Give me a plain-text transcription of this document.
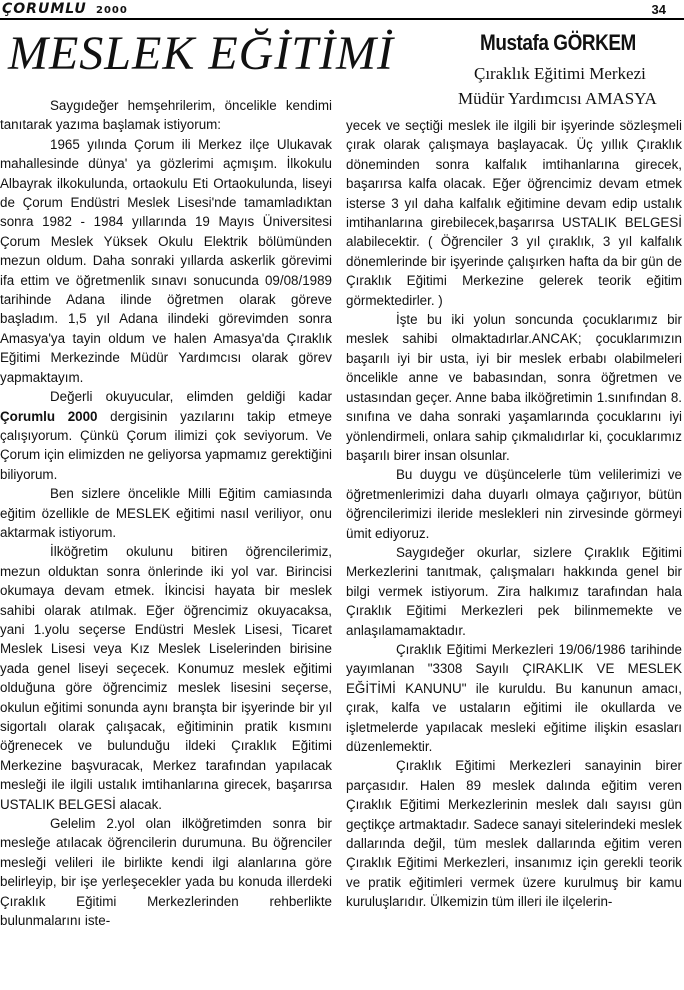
ÇORUMLU 2000	34
MESLEK EĞİTİMİ	Mustafa GÖRKEM
Çıraklık Eğitimi Merkezi
Müdür Yardımcısı AMASYA

Saygıdeğer hemşehrilerim, öncelikle kendimi tanıtarak yazıma başlamak istiyorum:

1965 yılında Çorum ili Merkez ilçe Ulukavak mahallesinde dünya' ya gözlerimi açmışım. İlkokulu Albayrak ilkokulunda, ortaokulu Eti Ortaokulunda, liseyi de Çorum Endüstri Meslek Lisesi'nde tamamladıktan sonra 1982 - 1984 yıllarında 19 Mayıs Üniversitesi Çorum Meslek Yüksek Okulu Elektrik bölümünden mezun oldum. Daha sonraki yıllarda askerlik görevimi ifa ettim ve öğretmenlik sınavı sonucunda 09/08/1989 tarihinde Adana ilinde öğretmen olarak göreve başladım. 1,5 yıl Adana ilindeki görevimden sonra Amasya'ya tayin oldum ve halen Amasya'da Çıraklık Eğitimi Merkezinde Müdür Yardımcısı olarak görev yapmaktayım.

Değerli okuyucular, elimden geldiği kadar Çorumlu 2000 dergisinin yazılarını takip etmeye çalışıyorum. Çünkü Çorum ilimizi çok seviyorum. Ve Çorum için elimizden ne geliyorsa yapmamız gerektiğini biliyorum.

Ben sizlere öncelikle Milli Eğitim camiasında eğitim özellikle de MESLEK eğitimi nasıl veriliyor, onu aktarmak istiyorum.

İlköğretim okulunu bitiren öğrencilerimiz, mezun olduktan sonra önlerinde iki yol var. Birincisi okumaya devam etmek. İkincisi hayata bir meslek sahibi olarak atılmak. Eğer öğrencimiz okuyacaksa, yani 1.yolu seçerse Endüstri Meslek Lisesi, Ticaret Meslek Lisesi veya Kız Meslek Liselerinden birisine yada genel liseyi seçecek. Konumuz meslek eğitimi olduğuna göre öğrencimiz meslek lisesini seçerse, okulun eğitimi sonunda aynı branşta bir işyerinde bir yıl sigortalı olarak çalışacak, eğitiminin pratik kısmını öğrenecek ve bulunduğu ildeki Çıraklık Eğitimi Merkezine başvuracak, Merkez tarafından yapılacak mesleği ile ilgili ustalık imtihanlarına girecek, başarırsa USTALIK BELGESİ alacak.

Gelelim 2.yol olan ilköğretimden sonra bir mesleğe atılacak öğrencilerin durumuna. Bu öğrenciler mesleği velileri ile birlikte kendi ilgi alanlarına göre belirleyip, bir işe yerleşecekler yada bu konuda illerdeki Çıraklık Eğitimi Merkezlerinden rehberlikte bulunmalarını iste-

yecek ve seçtiği meslek ile ilgili bir işyerinde sözleşmeli çırak olarak çalışmaya başlayacak. Üç yıllık Çıraklık döneminden sonra kalfalık imtihanlarına girecek, başarırsa kalfa olacak. Eğer öğrencimiz devam etmek isterse 3 yıl daha kalfalık eğitimine devam edip ustalık imtihanlarına girebilecek,başarırsa USTALIK BELGESİ alabilecektir. ( Öğrenciler 3 yıl çıraklık, 3 yıl kalfalık dönemlerinde bir işyerinde çalışırken hafta da bir gün de Çıraklık Eğitimi Merkezine gelerek teorik eğitim görmektedirler. )

İşte bu iki yolun soncunda çocuklarımız bir meslek sahibi olmaktadırlar.ANCAK; çocuklarımızın başarılı iyi bir usta, iyi bir meslek erbabı olabilmeleri öncelikle anne ve babasından, sonra öğretmen ve ustasından geçer. Anne baba ilköğretimin 1.sınıfından 8. sınıfına ve daha sonraki yaşamlarında çocuklarını iyi yönlendirmeli, onlara sahip çıkmalıdırlar ki, çocuklarımız başarılı birer insan olsunlar.

Bu duygu ve düşüncelerle tüm velilerimizi ve öğretmenlerimizi daha duyarlı olmaya çağırıyor, bütün öğrencilerimizi ileride meslekleri nin zirvesinde görmeyi ümit ediyoruz.

Saygıdeğer okurlar, sizlere Çıraklık Eğitimi Merkezlerini tanıtmak, çalışmaları hakkında genel bir bilgi vermek istiyorum. Zira halkımız tarafından hala Çıraklık Eğitimi Merkezleri pek bilinmemekte ve anlaşılamamaktadır.

Çıraklık Eğitimi Merkezleri 19/06/1986 tarihinde yayımlanan "3308 Sayılı ÇIRAKLIK VE MESLEK EĞİTİMİ KANUNU" ile kuruldu. Bu kanunun amacı, çırak, kalfa ve ustaların eğitimi ile okullarda ve işletmelerde yapılacak mesleki eğitime ilişkin esasları düzenlemektir.

Çıraklık Eğitimi Merkezleri sanayinin birer parçasıdır. Halen 89 meslek dalında eğitim veren Çıraklık Eğitimi Merkezlerinin meslek dalı sayısı gün geçtikçe artmaktadır. Sadece sanayi sitelerindeki meslek dallarında değil, tüm meslek dallarında eğitim veren Çıraklık Eğitimi Merkezleri, insanımız için gerekli teorik ve pratik eğitimleri vermek üzere kurulmuş bir kamu kuruluşlarıdır. Ülkemizin tüm illeri ile ilçelerin-
